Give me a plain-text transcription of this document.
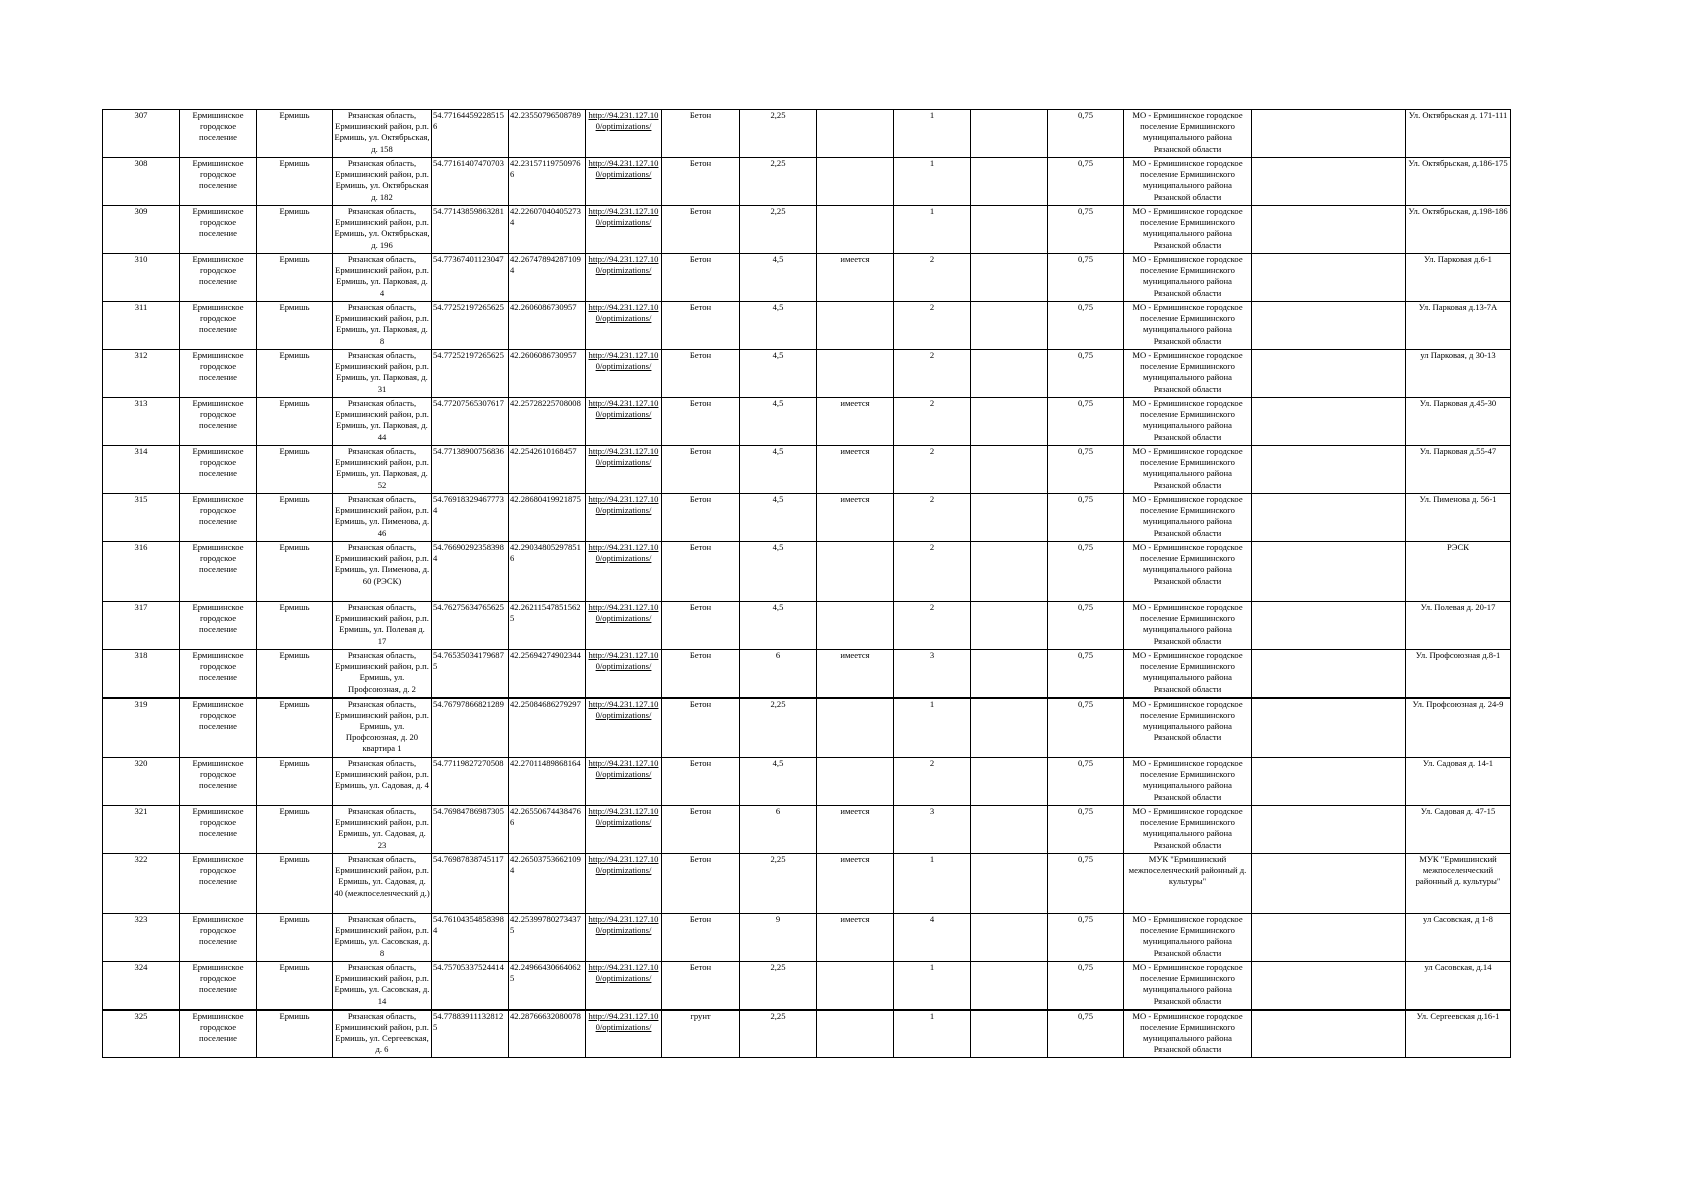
307	Ермишинское городское поселение	Ермишь	Рязанская область, Ермишинский район, р.п. Ермишь, ул. Октябрьская, д. 158	54.77164459228515 6	42.23550796508789	http://94.231.127.10 0/optimizations/	Бетон	2,25		1		0,75	МО - Ермишинское городское поселение Ермишинского муниципального района Рязанской области		Ул. Октябрьская д. 171-111
308	Ермишинское городское поселение	Ермишь	Рязанская область, Ермишинский район, р.п. Ермишь, ул. Октябрьская д. 182	54.77161407470703	42.23157119750976 6	http://94.231.127.10 0/optimizations/	Бетон	2,25		1		0,75	МО - Ермишинское городское поселение Ермишинского муниципального района Рязанской области		Ул. Октябрьская, д.186-175
309	Ермишинское городское поселение	Ермишь	Рязанская область, Ермишинский район, р.п. Ермишь, ул. Октябрьская, д. 196	54.77143859863281	42.22607040405273 4	http://94.231.127.10 0/optimizations/	Бетон	2,25		1		0,75	МО - Ермишинское городское поселение Ермишинского муниципального района Рязанской области		Ул. Октябрьская, д.198-186
310	Ермишинское городское поселение	Ермишь	Рязанская область, Ермишинский район, р.п. Ермишь, ул. Парковая, д. 4	54.77367401123047	42.26747894287109 4	http://94.231.127.10 0/optimizations/	Бетон	4,5	имеется	2		0,75	МО - Ермишинское городское поселение Ермишинского муниципального района Рязанской области		Ул. Парковая д.6-1
311	Ермишинское городское поселение	Ермишь	Рязанская область, Ермишинский район, р.п. Ермишь, ул. Парковая, д. 8	54.77252197265625	42.2606086730957	http://94.231.127.10 0/optimizations/	Бетон	4,5		2		0,75	МО - Ермишинское городское поселение Ермишинского муниципального района Рязанской области		Ул. Парковая д.13-7А
312	Ермишинское городское поселение	Ермишь	Рязанская область, Ермишинский район, р.п. Ермишь, ул. Парковая, д. 31	54.77252197265625	42.2606086730957	http://94.231.127.10 0/optimizations/	Бетон	4,5		2		0,75	МО - Ермишинское городское поселение Ермишинского муниципального района Рязанской области		ул Парковая, д 30-13
313	Ермишинское городское поселение	Ермишь	Рязанская область, Ермишинский район, р.п. Ермишь, ул. Парковая, д. 44	54.77207565307617	42.25728225708008	http://94.231.127.10 0/optimizations/	Бетон	4,5	имеется	2		0,75	МО - Ермишинское городское поселение Ермишинского муниципального района Рязанской области		Ул. Парковая д.45-30
314	Ермишинское городское поселение	Ермишь	Рязанская область, Ермишинский район, р.п. Ермишь, ул. Парковая, д. 52	54.77138900756836	42.2542610168457	http://94.231.127.10 0/optimizations/	Бетон	4,5	имеется	2		0,75	МО - Ермишинское городское поселение Ермишинского муниципального района Рязанской области		Ул. Парковая д.55-47
315	Ермишинское городское поселение	Ермишь	Рязанская область, Ермишинский район, р.п. Ермишь, ул. Пименова, д. 46	54.76918329467773 4	42.28680419921875	http://94.231.127.10 0/optimizations/	Бетон	4,5	имеется	2		0,75	МО - Ермишинское городское поселение Ермишинского муниципального района Рязанской области		Ул. Пименова д. 56-1
316	Ермишинское городское поселение	Ермишь	Рязанская область, Ермишинский район, р.п. Ермишь, ул. Пименова, д. 60 (РЭСК)	54.76690292358398 4	42.29034805297851 6	http://94.231.127.10 0/optimizations/	Бетон	4,5		2		0,75	МО - Ермишинское городское поселение Ермишинского муниципального района Рязанской области		РЭСК
317	Ермишинское городское поселение	Ермишь	Рязанская область, Ермишинский район, р.п. Ермишь, ул. Полевая д. 17	54.76275634765625	42.26211547851562 5	http://94.231.127.10 0/optimizations/	Бетон	4,5		2		0,75	МО - Ермишинское городское поселение Ермишинского муниципального района Рязанской области		Ул. Полевая д. 20-17
318	Ермишинское городское поселение	Ермишь	Рязанская область, Ермишинский район, р.п. Ермишь, ул. Профсоюзная, д. 2	54.76535034179687 5	42.25694274902344	http://94.231.127.10 0/optimizations/	Бетон	6	имеется	3		0,75	МО - Ермишинское городское поселение Ермишинского муниципального района Рязанской области		Ул. Профсоюзная д.8-1
319	Ермишинское городское поселение	Ермишь	Рязанская область, Ермишинский район, р.п. Ермишь, ул. Профсоюзная, д. 20 квартира 1	54.76797866821289	42.25084686279297	http://94.231.127.10 0/optimizations/	Бетон	2,25		1		0,75	МО - Ермишинское городское поселение Ермишинского муниципального района Рязанской области		Ул. Профсоюзная д. 24-9
320	Ермишинское городское поселение	Ермишь	Рязанская область, Ермишинский район, р.п. Ермишь, ул. Садовая, д. 4	54.77119827270508	42.27011489868164	http://94.231.127.10 0/optimizations/	Бетон	4,5		2		0,75	МО - Ермишинское городское поселение Ермишинского муниципального района Рязанской области		Ул. Садовая д. 14-1
321	Ермишинское городское поселение	Ермишь	Рязанская область, Ермишинский район, р.п. Ермишь, ул. Садовая, д. 23	54.76984786987305	42.26550674438476 6	http://94.231.127.10 0/optimizations/	Бетон	6	имеется	3		0,75	МО - Ермишинское городское поселение Ермишинского муниципального района Рязанской области		Ул. Садовая д. 47-15
322	Ермишинское городское поселение	Ермишь	Рязанская область, Ермишинский район, р.п. Ермишь, ул. Садовая, д. 40 (межпоселенческий д.)	54.76987838745117	42.26503753662109 4	http://94.231.127.10 0/optimizations/	Бетон	2,25	имеется	1		0,75	МУК "Ермишинский межпоселенческий районный д. культуры"		МУК "Ермишинский межпоселенческий районный д. культуры"
323	Ермишинское городское поселение	Ермишь	Рязанская область, Ермишинский район, р.п. Ермишь, ул. Сасовская, д. 8	54.76104354858398 4	42.25399780273437 5	http://94.231.127.10 0/optimizations/	Бетон	9	имеется	4		0,75	МО - Ермишинское городское поселение Ермишинского муниципального района Рязанской области		ул Сасовская, д 1-8
324	Ермишинское городское поселение	Ермишь	Рязанская область, Ермишинский район, р.п. Ермишь, ул. Сасовская, д. 14	54.75705337524414	42.24966430664062 5	http://94.231.127.10 0/optimizations/	Бетон	2,25		1		0,75	МО - Ермишинское городское поселение Ермишинского муниципального района Рязанской области		ул Сасовская, д.14
325	Ермишинское городское поселение	Ермишь	Рязанская область, Ермишинский район, р.п. Ермишь, ул. Сергеевская, д. 6	54.77883911132812 5	42.28766632080078	http://94.231.127.10 0/optimizations/	грунт	2,25		1		0,75	МО - Ермишинское городское поселение Ермишинского муниципального района Рязанской области		Ул. Сергеевская д.16-1
